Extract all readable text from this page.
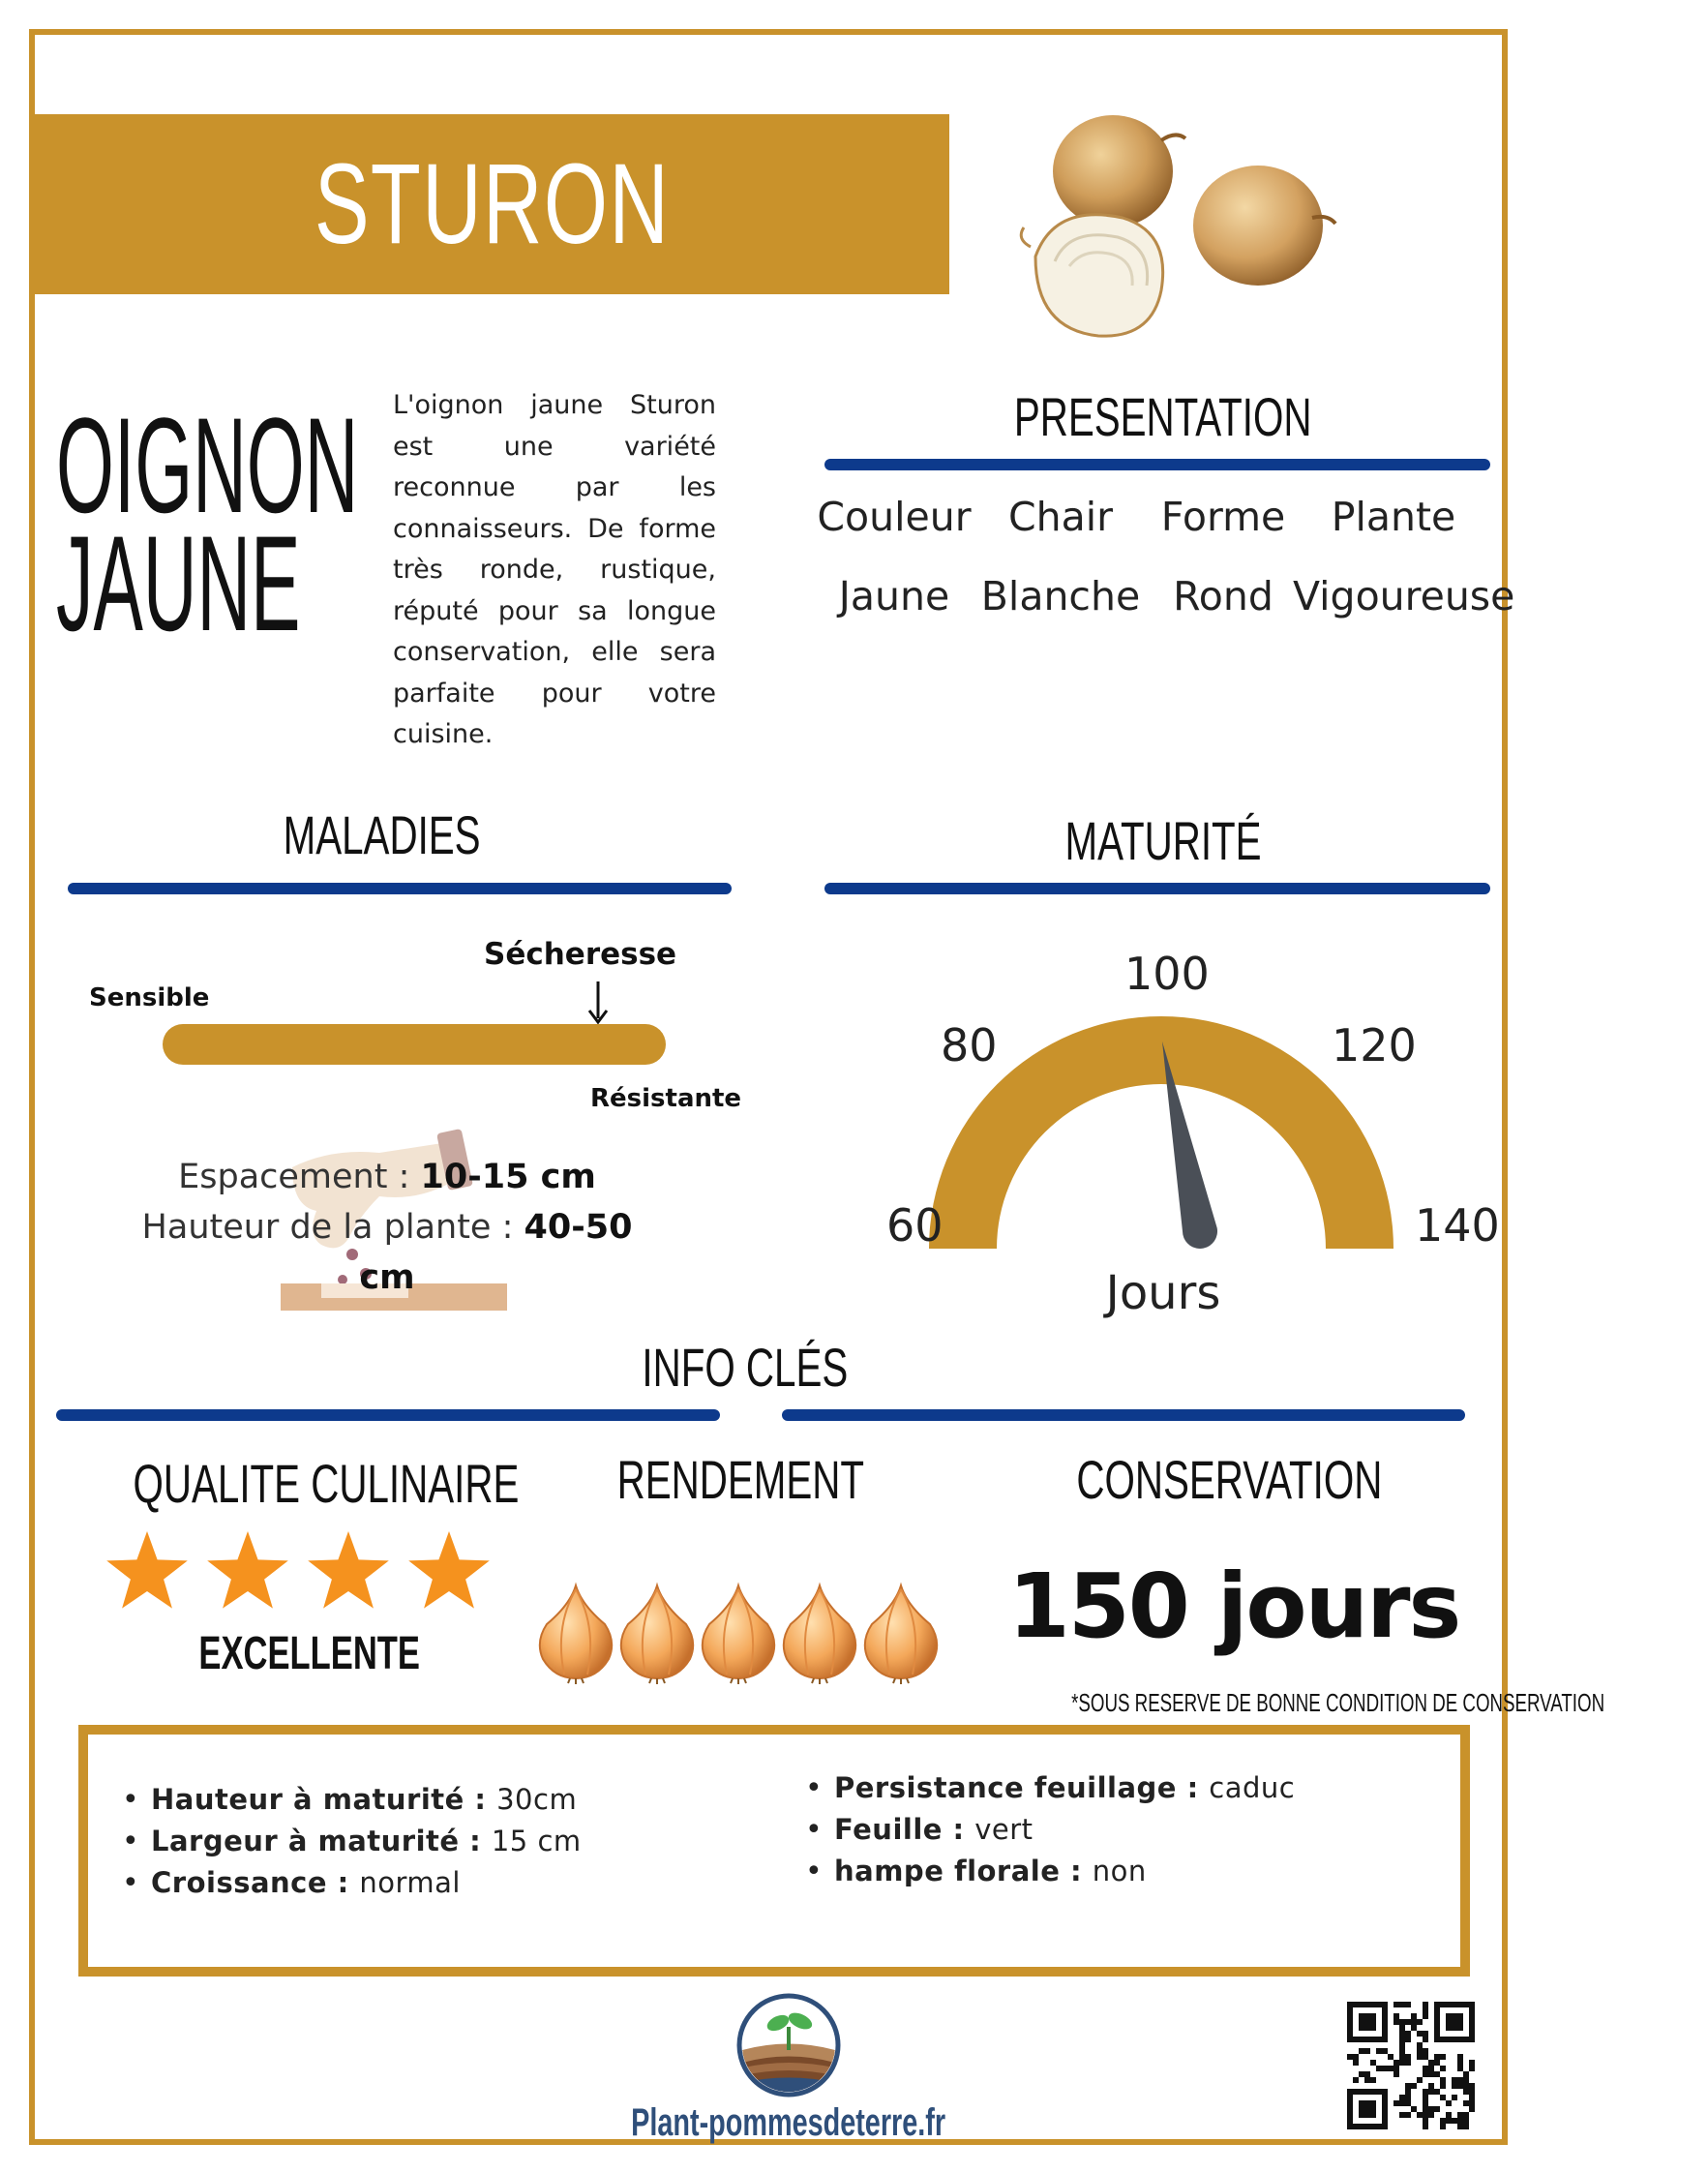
STURON
OIGNON
JAUNE
L'oignon jaune Sturon est une variété reconnue par les connaisseurs. De forme très ronde, rustique, réputé pour sa longue conservation, elle sera parfaite pour votre cuisine.
PRESENTATION
Couleur Chair	Forme	Plante
Jaune Blanche Rond Vigoureuse
MALADIES
Sécheresse
Sensible
Résistante
Espacement : 10-15 cm
Hauteur de la plante : 40-50 cm
MATURITÉ
60
80
100
120
140
Jours
INFO CLÉS
QUALITE CULINAIRE
EXCELLENTE
RENDEMENT	CONSERVATION
150 jours
*SOUS RESERVE DE BONNE CONDITION DE CONSERVATION
• Hauteur à maturité : 30cm
• Largeur à maturité : 15 cm
• Croissance : normal
• Persistance feuillage : caduc
• Feuille : vert
• hampe florale : non
Plant-pommesdeterre.fr
